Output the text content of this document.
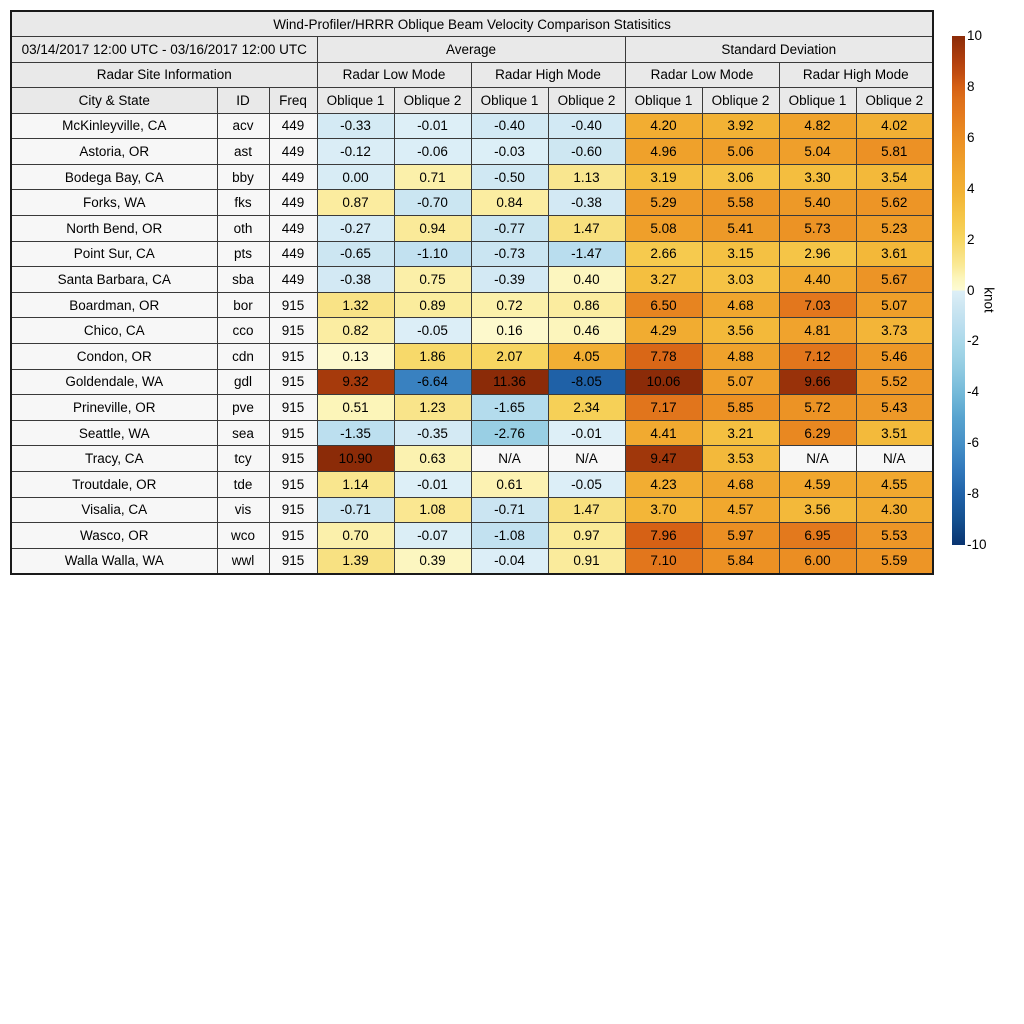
Wind-Profiler/HRRR Oblique Beam Velocity Comparison Statisitics										
03/14/2017 12:00 UTC - 03/16/2017 12:00 UTC			Average				Standard Deviation			
Radar Site Information			Radar Low Mode		Radar High Mode		Radar Low Mode		Radar High Mode	
City & State	ID	Freq	Oblique 1	Oblique 2	Oblique 1	Oblique 2	Oblique 1	Oblique 2	Oblique 1	Oblique 2
McKinleyville, CA	acv	449	-0.33	-0.01	-0.40	-0.40	4.20	3.92	4.82	4.02
Astoria, OR	ast	449	-0.12	-0.06	-0.03	-0.60	4.96	5.06	5.04	5.81
Bodega Bay, CA	bby	449	0.00	0.71	-0.50	1.13	3.19	3.06	3.30	3.54
Forks, WA	fks	449	0.87	-0.70	0.84	-0.38	5.29	5.58	5.40	5.62
North Bend, OR	oth	449	-0.27	0.94	-0.77	1.47	5.08	5.41	5.73	5.23
Point Sur, CA	pts	449	-0.65	-1.10	-0.73	-1.47	2.66	3.15	2.96	3.61
Santa Barbara, CA	sba	449	-0.38	0.75	-0.39	0.40	3.27	3.03	4.40	5.67
Boardman, OR	bor	915	1.32	0.89	0.72	0.86	6.50	4.68	7.03	5.07
Chico, CA	cco	915	0.82	-0.05	0.16	0.46	4.29	3.56	4.81	3.73
Condon, OR	cdn	915	0.13	1.86	2.07	4.05	7.78	4.88	7.12	5.46
Goldendale, WA	gdl	915	9.32	-6.64	11.36	-8.05	10.06	5.07	9.66	5.52
Prineville, OR	pve	915	0.51	1.23	-1.65	2.34	7.17	5.85	5.72	5.43
Seattle, WA	sea	915	-1.35	-0.35	-2.76	-0.01	4.41	3.21	6.29	3.51
Tracy, CA	tcy	915	10.90	0.63	N/A	N/A	9.47	3.53	N/A	N/A
Troutdale, OR	tde	915	1.14	-0.01	0.61	-0.05	4.23	4.68	4.59	4.55
Visalia, CA	vis	915	-0.71	1.08	-0.71	1.47	3.70	4.57	3.56	4.30
Wasco, OR	wco	915	0.70	-0.07	-1.08	0.97	7.96	5.97	6.95	5.53
Walla Walla, WA	wwl	915	1.39	0.39	-0.04	0.91	7.10	5.84	6.00	5.59
10
8
6
4
2
0
-2
-4
-6
-8
-10
knot
